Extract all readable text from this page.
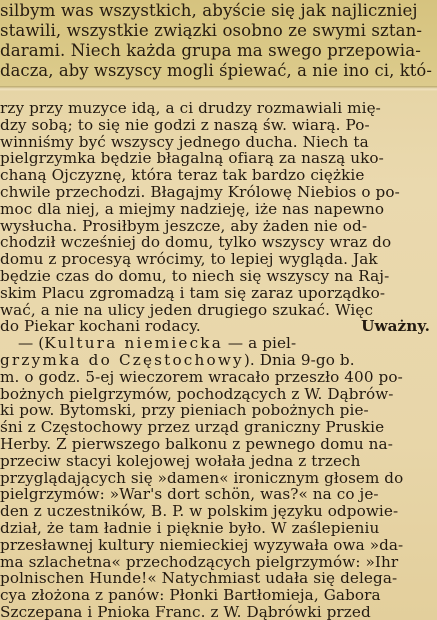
silbym was wszystkich, abyście się jak najliczniej

stawili, wszystkie związki osobno ze swymi sztan-

darami. Niech każda grupa ma swego przepowia-

dacza, aby wszyscy mogli śpiewać, a nie ino ci, któ-

rzy przy muzyce idą, a ci drudzy rozmawiali mię-

dzy sobą; to się nie godzi z naszą św. wiarą. Po-

winniśmy być wszyscy jednego ducha. Niech ta

pielgrzymka będzie błagalną ofiarą za naszą uko-

chaną Ojczyznę, która teraz tak bardzo ciężkie

chwile przechodzi. Błagajmy Królowę Niebios o po-

moc dla niej, a miejmy nadzieję, iże nas napewno

wysłucha. Prosiłbym jeszcze, aby żaden nie od-

chodził wcześniej do domu, tylko wszyscy wraz do

domu z procesyą wrócimy, to lepiej wygląda. Jak

będzie czas do domu, to niech się wszyscy na Raj-

skim Placu zgromadzą i tam się zaraz uporządko-

wać, a nie na ulicy jeden drugiego szukać. Więc

do Piekar kochani rodacy.	Uważny.

— (Kultura niemiecka — a piel-

grzymka do Częstochowy). Dnia 9-go b.

m. o godz. 5-ej wieczorem wracało przeszło 400 po-

bożnych pielgrzymów, pochodzących z W. Dąbrów-

ki pow. Bytomski, przy pieniach pobożnych pie-

śni z Częstochowy przez urząd graniczny Pruskie

Herby. Z pierwszego balkonu z pewnego domu na-

przeciw stacyi kolejowej wołała jedna z trzech

przyglądających się »damen« ironicznym głosem do

pielgrzymów: »War's dort schön, was?« na co je-

den z uczestników, B. P. w polskim języku odpowie-

dział, że tam ładnie i pięknie było. W zaślepieniu

przesławnej kultury niemieckiej wyzywała owa »da-

ma szlachetna« przechodzących pielgrzymów: »Ihr

polnischen Hunde!« Natychmiast udała się delega-

cya złożona z panów: Płonki Bartłomieja, Gabora

Szczepana i Pnioka Franc. z W. Dąbrówki przed
